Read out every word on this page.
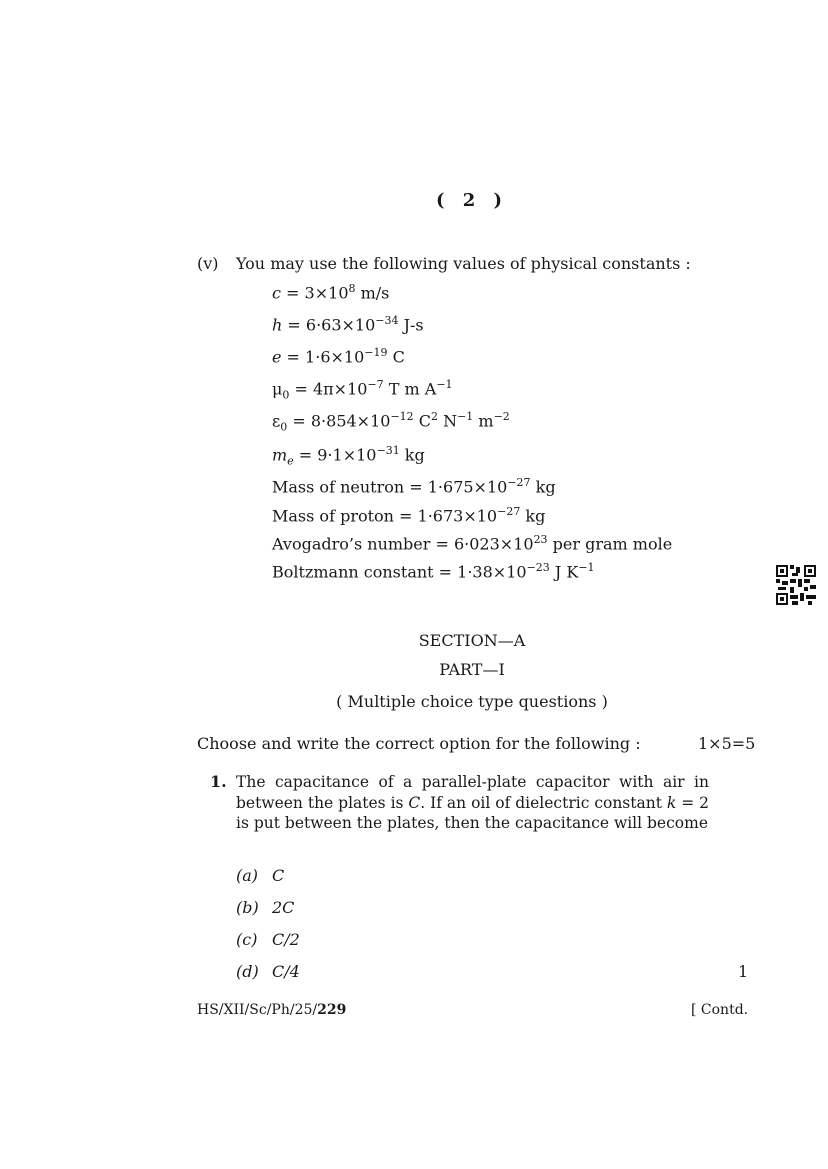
( 2 )
(v) You may use the following values of physical constants :
$c = 3\times 10^8$ m/s
$h = 6\cdot 63\times 10^{-34}$ J-s
$e = 1\cdot 6\times 10^{-19}$ C
$\mu_0 = 4\pi\times 10^{-7}$ T m $A^{-1}$
$\varepsilon_0 = 8\cdot 854\times 10^{-12}$ $C^2$ $N^{-1}$ $m^{-2}$
$m_e = 9\cdot 1\times 10^{-31}$ kg
Mass of neutron = $1\cdot 675\times 10^{-27}$ kg
Mass of proton = $1\cdot 673\times 10^{-27}$ kg
Avogadro’s number = $6\cdot 023\times 10^{23}$ per gram mole
Boltzmann constant = $1\cdot 38\times 10^{-23}$ J $K^{-1}$
SECTION—A
PART—I
( Multiple choice type questions )
Choose and write the correct option for the following :	1×5=5
1. The capacitance of a parallel-plate capacitor with air in between the plates is C. If an oil of dielectric constant k = 2 is put between the plates, then the capacitance will become
(a) C
(b) 2C
(c) C/2
(d) C/4	1
HS/XII/Sc/Ph/25/229	[ Contd.
